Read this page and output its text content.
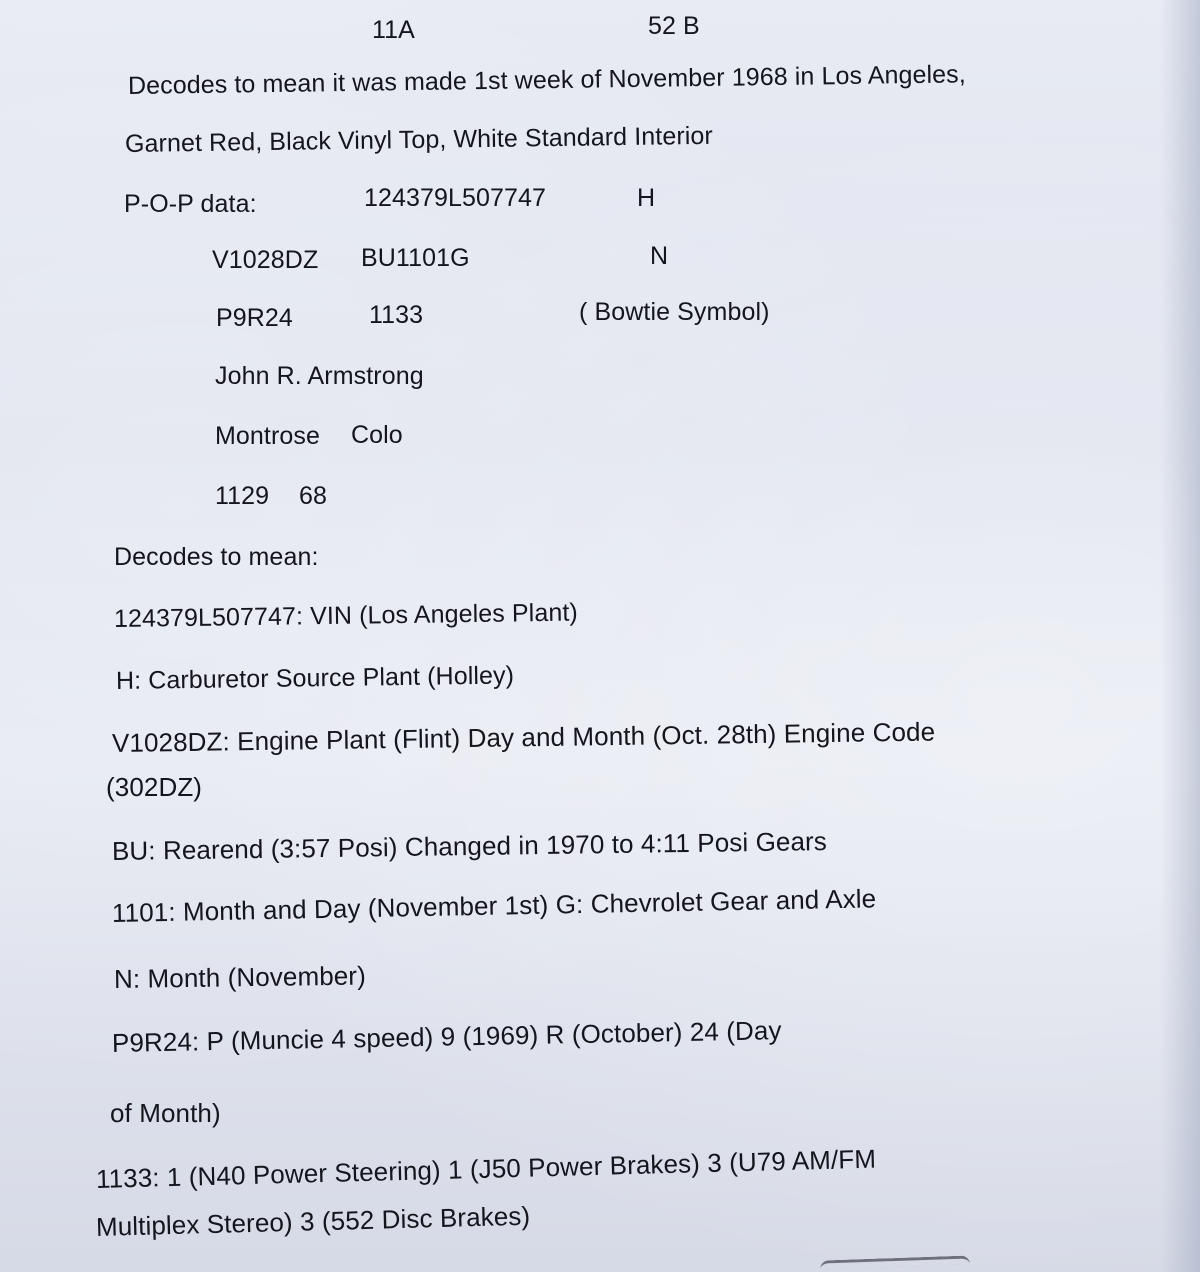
11A	52 B
Decodes to mean it was made 1st week of November 1968 in Los Angeles,
Garnet Red, Black Vinyl Top, White Standard Interior
P-O-P data:	124379L507747	H
V1028DZ BU1101G	N
P9R24	1133	( Bowtie Symbol)
John R. Armstrong
Montrose Colo
1129 68
Decodes to mean:
124379L507747: VIN (Los Angeles Plant)
H: Carburetor Source Plant (Holley)
V1028DZ: Engine Plant (Flint) Day and Month (Oct. 28th) Engine Code
(302DZ)
BU: Rearend (3:57 Posi) Changed in 1970 to 4:11 Posi Gears
1101: Month and Day (November 1st) G: Chevrolet Gear and Axle
N: Month (November)
P9R24: P (Muncie 4 speed) 9 (1969) R (October) 24 (Day
of Month)
1133: 1 (N40 Power Steering) 1 (J50 Power Brakes) 3 (U79 AM/FM
Multiplex Stereo) 3 (552 Disc Brakes)
